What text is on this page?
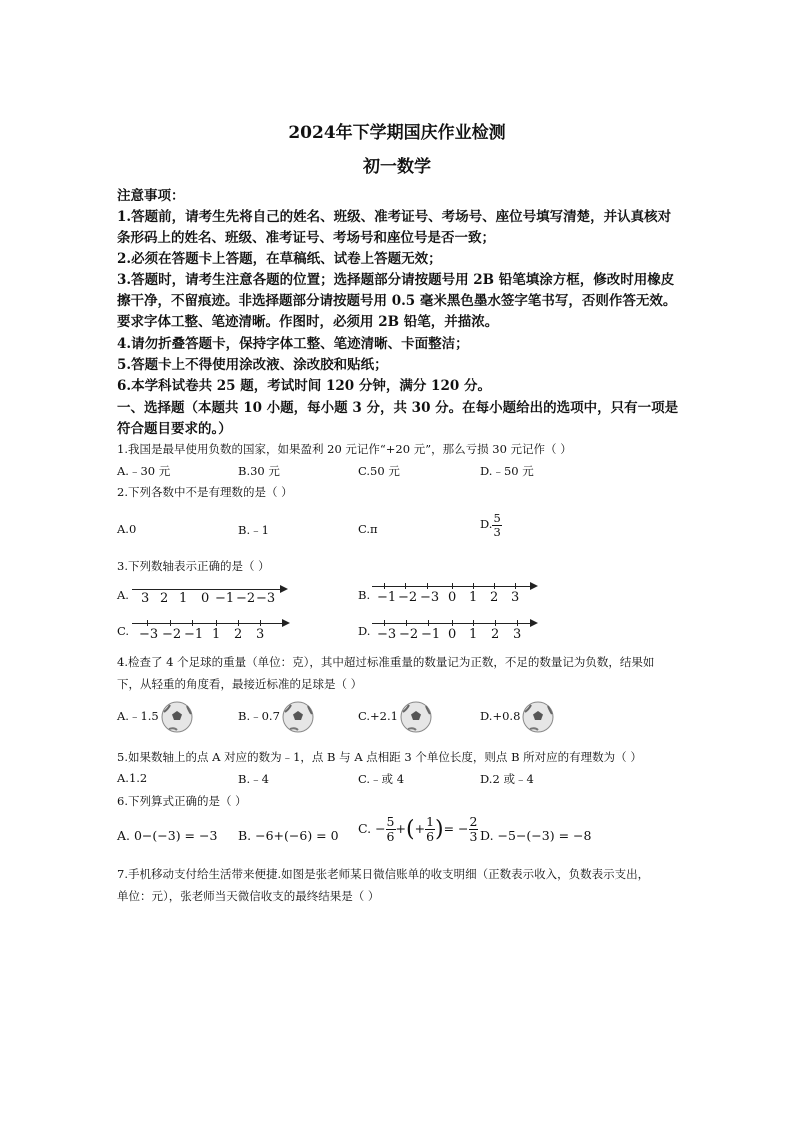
2024年下学期国庆作业检测
初一数学
注意事项：
1.答题前，请考生先将自己的姓名、班级、准考证号、考场号、座位号填写清楚，并认真核对
条形码上的姓名、班级、准考证号、考场号和座位号是否一致；
2.必须在答题卡上答题，在草稿纸、试卷上答题无效；
3.答题时，请考生注意各题的位置；选择题部分请按题号用 2B 铅笔填涂方框，修改时用橡皮
擦干净，不留痕迹。非选择题部分请按题号用 0.5 毫米黑色墨水签字笔书写，否则作答无效。
要求字体工整、笔迹清晰。作图时，必须用 2B 铅笔，并描浓。
4.请勿折叠答题卡，保持字体工整、笔迹清晰、卡面整洁；
5.答题卡上不得使用涂改液、涂改胶和贴纸；
6.本学科试卷共 25 题，考试时间 120 分钟，满分 120 分。
一、选择题（本题共 10 小题，每小题 3 分，共 30 分。在每小题给出的选项中，只有一项是
符合题目要求的。）
1.我国是最早使用负数的国家，如果盈利 20 元记作“+20 元”，那么亏损 30 元记作（ ）
A.﹣30 元	B.30 元	C.50 元	D.﹣50 元
2.下列各数中不是有理数的是（ ）
A.0	B.﹣1	C.π	D. $\frac{5}{3}$
3.下列数轴表示正确的是（ ）
A. 3 2 1 0 −1 −2 −3	B. −1 −2 −3 0 1 2 3
C. −3 −2 −1 1 2 3	D. −3 −2 −1 0 1 2 3
4.检查了 4 个足球的重量（单位：克），其中超过标准重量的数量记为正数，不足的数量记为负数，结果如
下，从轻重的角度看，最接近标准的足球是（ ）
A.﹣1.5	B.﹣0.7	C.+2.1	D.+0.8
5.如果数轴上的点 A 对应的数为﹣1，点 B 与 A 点相距 3 个单位长度，则点 B 所对应的有理数为（ ）
A.1.2	B.﹣4	C.﹣或 4	D.2 或﹣4
6.下列算式正确的是（ ）
A. 0−(−3) = −3 B. −6+(−6) = 0 C. − $\frac{5}{6}$ +(+ $\frac{1}{6}$ )= − $\frac{2}{3} D$. −5−(−3) = −8
7.手机移动支付给生活带来便捷.如图是张老师某日微信账单的收支明细（正数表示收入，负数表示支出，
单位：元），张老师当天微信收支的最终结果是（ ）
